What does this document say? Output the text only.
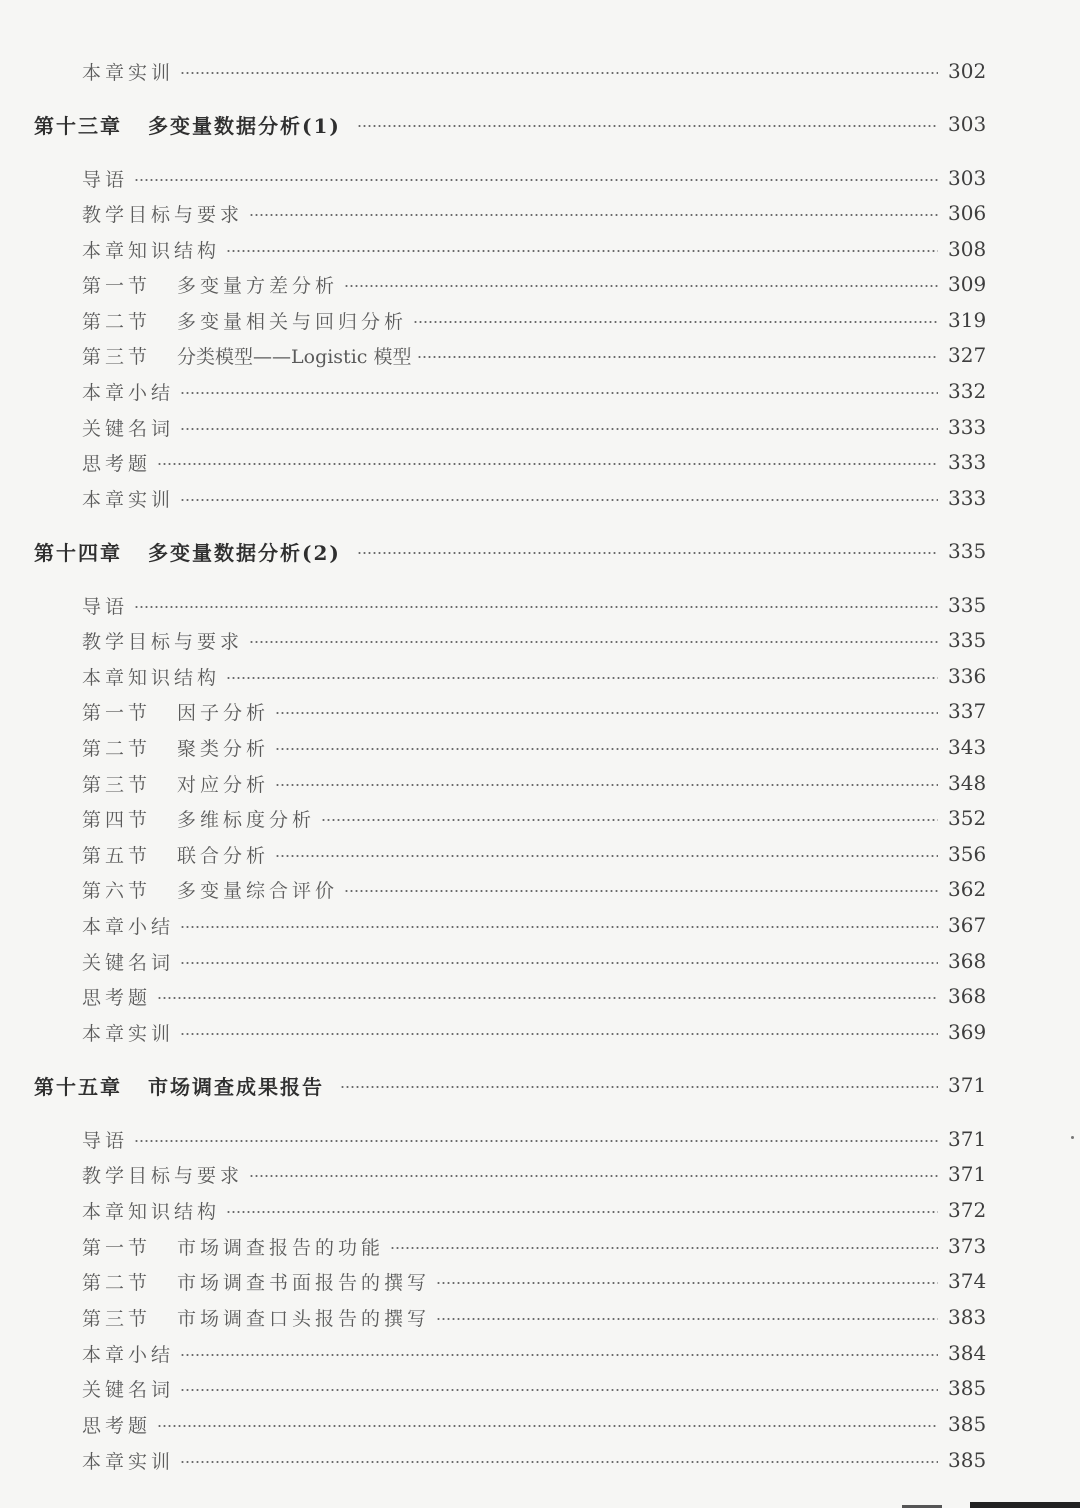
本章实训	302
第十三章 多变量数据分析(1)	303
导语	303
教学目标与要求	306
本章知识结构	308
第一节 多变量方差分析	309
第二节 多变量相关与回归分析	319
第三节 分类模型——Logistic 模型	327
本章小结	332
关键名词	333
思考题	333
本章实训	333
第十四章 多变量数据分析(2)	335
导语	335
教学目标与要求	335
本章知识结构	336
第一节 因子分析	337
第二节 聚类分析	343
第三节 对应分析	348
第四节 多维标度分析	352
第五节 联合分析	356
第六节 多变量综合评价	362
本章小结	367
关键名词	368
思考题	368
本章实训	369
第十五章 市场调查成果报告	371
导语	371
教学目标与要求	371
本章知识结构	372
第一节 市场调查报告的功能	373
第二节 市场调查书面报告的撰写	374
第三节 市场调查口头报告的撰写	383
本章小结	384
关键名词	385
思考题	385
本章实训	385
